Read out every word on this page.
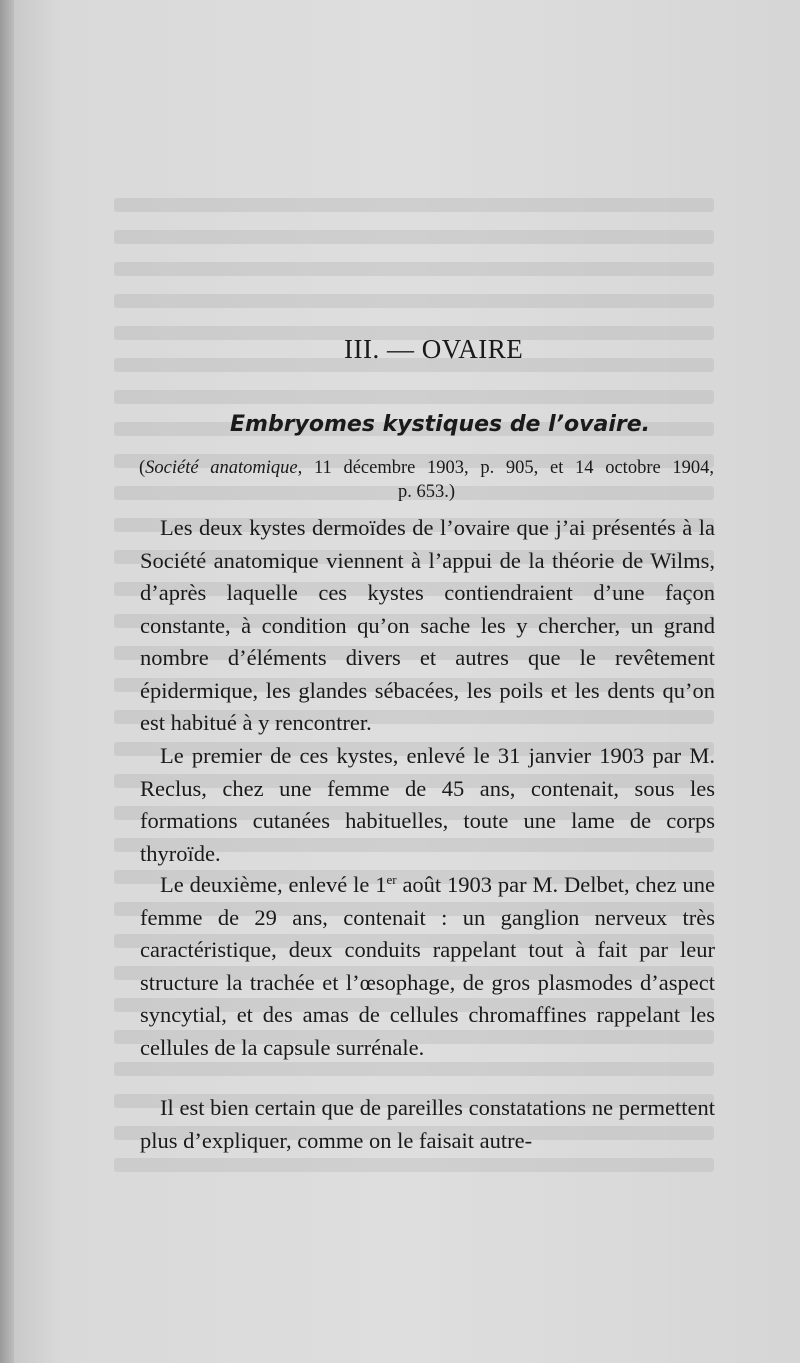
III. — OVAIRE
Embryomes kystiques de l’ovaire.
(Société anatomique, 11 décembre 1903, p. 905, et 14 octobre 1904,
p. 653.)

Les deux kystes dermoïdes de l’ovaire que j’ai présentés à la Société anatomique viennent à l’appui de la théorie de Wilms, d’après laquelle ces kystes contiendraient d’une façon constante, à condition qu’on sache les y chercher, un grand nombre d’éléments divers et autres que le revêtement épidermique, les glandes sébacées, les poils et les dents qu’on est habitué à y rencontrer.

Le premier de ces kystes, enlevé le 31 janvier 1903 par M. Reclus, chez une femme de 45 ans, contenait, sous les formations cutanées habituelles, toute une lame de corps thyroïde.

Le deuxième, enlevé le 1er août 1903 par M. Delbet, chez une femme de 29 ans, contenait : un ganglion nerveux très caractéristique, deux conduits rappelant tout à fait par leur structure la trachée et l’œsophage, de gros plasmodes d’aspect syncytial, et des amas de cellules chromaffines rappelant les cellules de la capsule surrénale.

Il est bien certain que de pareilles constatations ne permettent plus d’expliquer, comme on le faisait autre-
